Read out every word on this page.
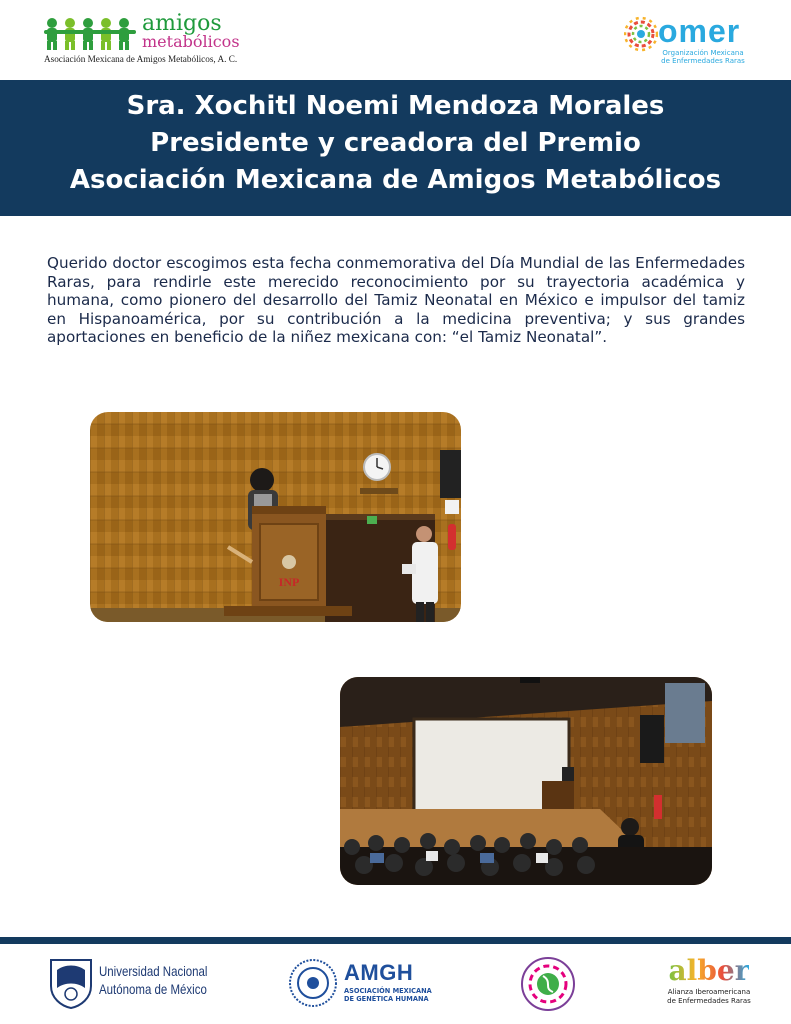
amigos
metabólicos
Asociación Mexicana de Amigos Metabólicos, A. C.
omer
Organización Mexicana
de Enfermedades Raras
Sra. Xochitl Noemi Mendoza Morales
Presidente y creadora del Premio
Asociación Mexicana de Amigos Metabólicos
Querido doctor escogimos esta fecha conmemorativa del Día Mundial de las Enfermedades Raras, para rendirle este merecido reconocimiento por su trayectoria académica y humana, como pionero del desarrollo del Tamiz Neonatal en México e impulsor del tamiz en Hispanoamérica, por su contribución a la medicina preventiva; y sus grandes aportaciones en beneficio de la niñez mexicana con: “el Tamiz Neonatal”.
INP
Universidad Nacional
Autónoma de México
AMGH
ASOCIACIÓN MEXICANA
DE GENÉTICA HUMANA
alber
Alianza Iberoamericana
de Enfermedades Raras
